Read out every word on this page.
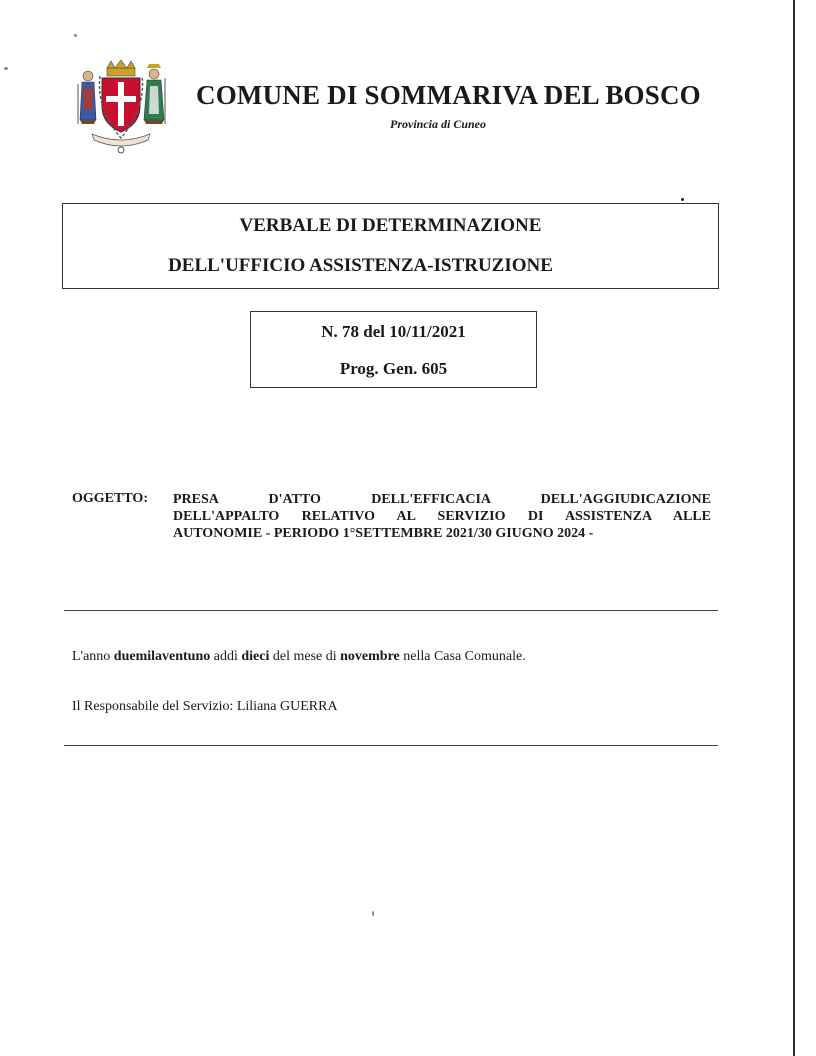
COMUNE DI SOMMARIVA DEL BOSCO
Provincia di Cuneo
VERBALE DI DETERMINAZIONE
DELL'UFFICIO ASSISTENZA-ISTRUZIONE
N. 78 del 10/11/2021
Prog. Gen. 605
OGGETTO: PRESA D'ATTO DELL'EFFICACIA DELL'AGGIUDICAZIONE
DELL'APPALTO RELATIVO AL SERVIZIO DI ASSISTENZA ALLE
AUTONOMIE - PERIODO 1°SETTEMBRE 2021/30 GIUGNO 2024 -
L'anno duemilaventuno addì dieci del mese di novembre nella Casa Comunale.
Il Responsabile del Servizio: Liliana GUERRA
